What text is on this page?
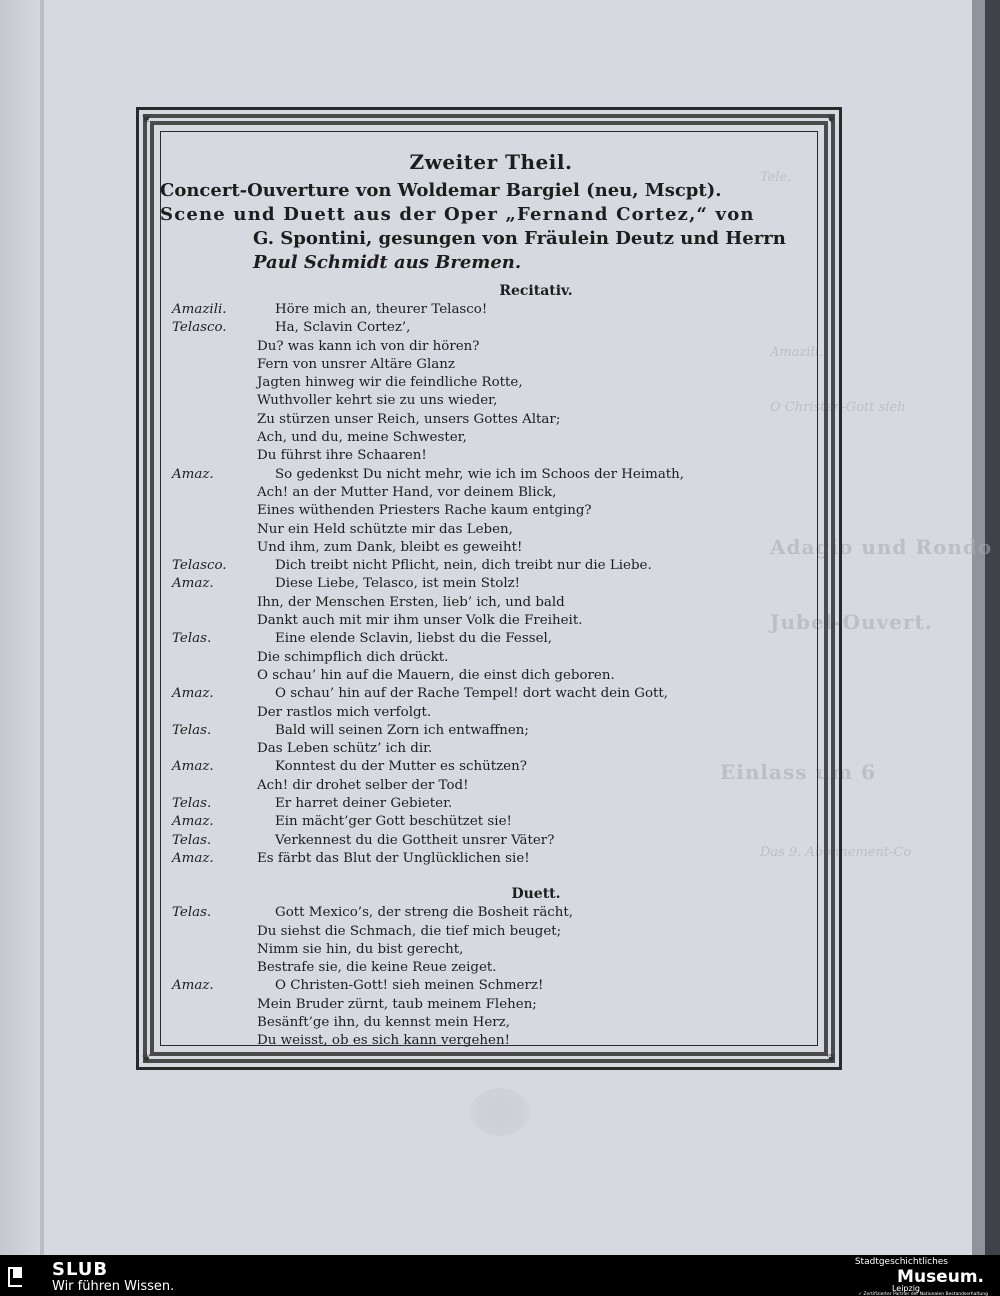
Tele.
Amazili.
O Christen-Gott sieh
Adagio und Rondo
Jubel-Ouvert.
Einlass um 6
Das 9. Abonnement-Co
❦	❦
❦	❦
Zweiter Theil.
Concert-Ouverture von Woldemar Bargiel (neu, Mscpt).
Scene und Duett aus der Oper „Fernand Cortez,“ von
G. Spontini, gesungen von Fräulein Deutz und Herrn
Paul Schmidt aus Bremen.
Recitativ.
Amazili.	Höre mich an, theurer Telasco!
Telasco.	Ha, Sclavin Cortez’,
Du? was kann ich von dir hören?
Fern von unsrer Altäre Glanz
Jagten hinweg wir die feindliche Rotte,
Wuthvoller kehrt sie zu uns wieder,
Zu stürzen unser Reich, unsers Gottes Altar;
Ach, und du, meine Schwester,
Du führst ihre Schaaren!
Amaz.	So gedenkst Du nicht mehr, wie ich im Schoos der Heimath,
Ach! an der Mutter Hand, vor deinem Blick,
Eines wüthenden Priesters Rache kaum entging?
Nur ein Held schützte mir das Leben,
Und ihm, zum Dank, bleibt es geweiht!
Telasco.	Dich treibt nicht Pflicht, nein, dich treibt nur die Liebe.
Amaz.	Diese Liebe, Telasco, ist mein Stolz!
Ihn, der Menschen Ersten, lieb’ ich, und bald
Dankt auch mit mir ihm unser Volk die Freiheit.
Telas.	Eine elende Sclavin, liebst du die Fessel,
Die schimpflich dich drückt.
O schau’ hin auf die Mauern, die einst dich geboren.
Amaz.	O schau’ hin auf der Rache Tempel! dort wacht dein Gott,
Der rastlos mich verfolgt.
Telas.	Bald will seinen Zorn ich entwaffnen;
Das Leben schütz’ ich dir.
Amaz.	Konntest du der Mutter es schützen?
Ach! dir drohet selber der Tod!
Telas.	Er harret deiner Gebieter.
Amaz.	Ein mächt’ger Gott beschützet sie!
Telas.	Verkennest du die Gottheit unsrer Väter?
Amaz.	Es färbt das Blut der Unglücklichen sie!
Duett.
Telas.	Gott Mexico’s, der streng die Bosheit rächt,
Du siehst die Schmach, die tief mich beuget;
Nimm sie hin, du bist gerecht,
Bestrafe sie, die keine Reue zeiget.
Amaz.	O Christen-Gott! sieh meinen Schmerz!
Mein Bruder zürnt, taub meinem Flehen;
Besänft’ge ihn, du kennst mein Herz,
Du weisst, ob es sich kann vergehen!
SLUB
Wir führen Wissen.
Stadtgeschichtliches
Museum.
Leipzig
✓ Zertifizierter Partner der Nationalen Bestandserhaltung
